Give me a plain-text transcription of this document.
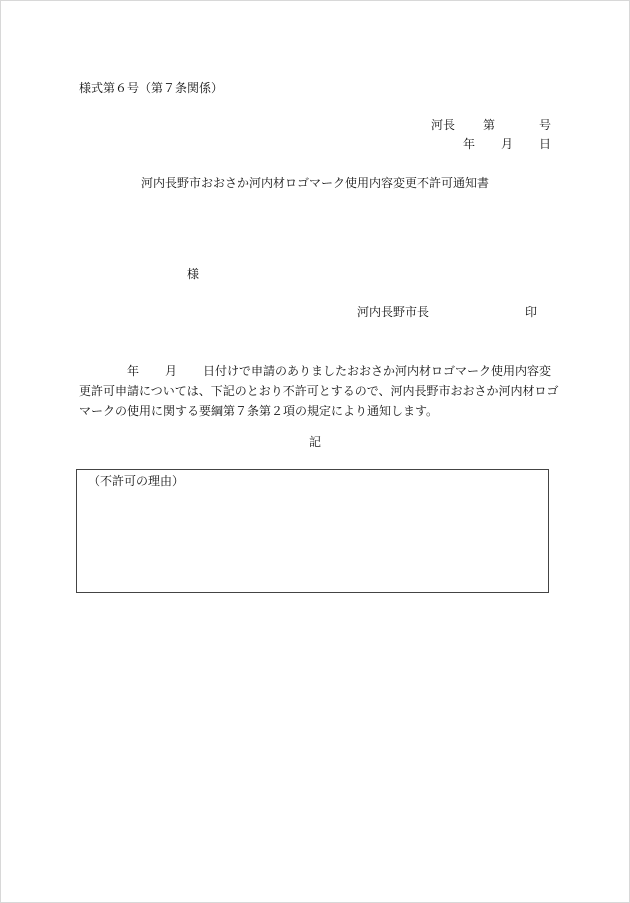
様式第６号（第７条関係）
河長 第	号
年 月 日
河内長野市おおさか河内材ロゴマーク使用内容変更不許可通知書
様
河内長野市長	印
年 月 日付けで申請のありましたおおさか河内材ロゴマーク使用内容変更許可申請については、下記のとおり不許可とするので、河内長野市おおさか河内材ロゴマークの使用に関する要綱第７条第２項の規定により通知します。
記
（不許可の理由）
